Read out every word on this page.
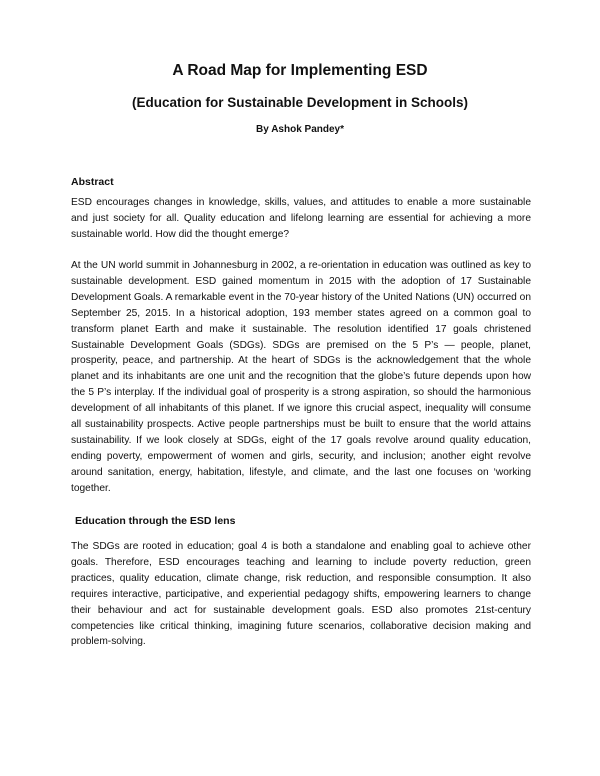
A Road Map for Implementing ESD
(Education for Sustainable Development in Schools)
By Ashok Pandey*
Abstract

ESD encourages changes in knowledge, skills, values, and attitudes to enable a more sustainable and just society for all. Quality education and lifelong learning are essential for achieving a more sustainable world. How did the thought emerge?

At the UN world summit in Johannesburg in 2002, a re-orientation in education was outlined as key to sustainable development. ESD gained momentum in 2015 with the adoption of 17 Sustainable Development Goals. A remarkable event in the 70-year history of the United Nations (UN) occurred on September 25, 2015. In a historical adoption, 193 member states agreed on a common goal to transform planet Earth and make it sustainable. The resolution identified 17 goals christened Sustainable Development Goals (SDGs). SDGs are premised on the 5 P’s — people, planet, prosperity, peace, and partnership. At the heart of SDGs is the acknowledgement that the whole planet and its inhabitants are one unit and the recognition that the globe’s future depends upon how the 5 P’s interplay. If the individual goal of prosperity is a strong aspiration, so should the harmonious development of all inhabitants of this planet. If we ignore this crucial aspect, inequality will consume all sustainability prospects. Active people partnerships must be built to ensure that the world attains sustainability. If we look closely at SDGs, eight of the 17 goals revolve around quality education, ending poverty, empowerment of women and girls, security, and inclusion; another eight revolve around sanitation, energy, habitation, lifestyle, and climate, and the last one focuses on ‘working together.

Education through the ESD lens

The SDGs are rooted in education; goal 4 is both a standalone and enabling goal to achieve other goals. Therefore, ESD encourages teaching and learning to include poverty reduction, green practices, quality education, climate change, risk reduction, and responsible consumption. It also requires interactive, participative, and experiential pedagogy shifts, empowering learners to change their behaviour and act for sustainable development goals. ESD also promotes 21st-century competencies like critical thinking, imagining future scenarios, collaborative decision making and problem-solving.
